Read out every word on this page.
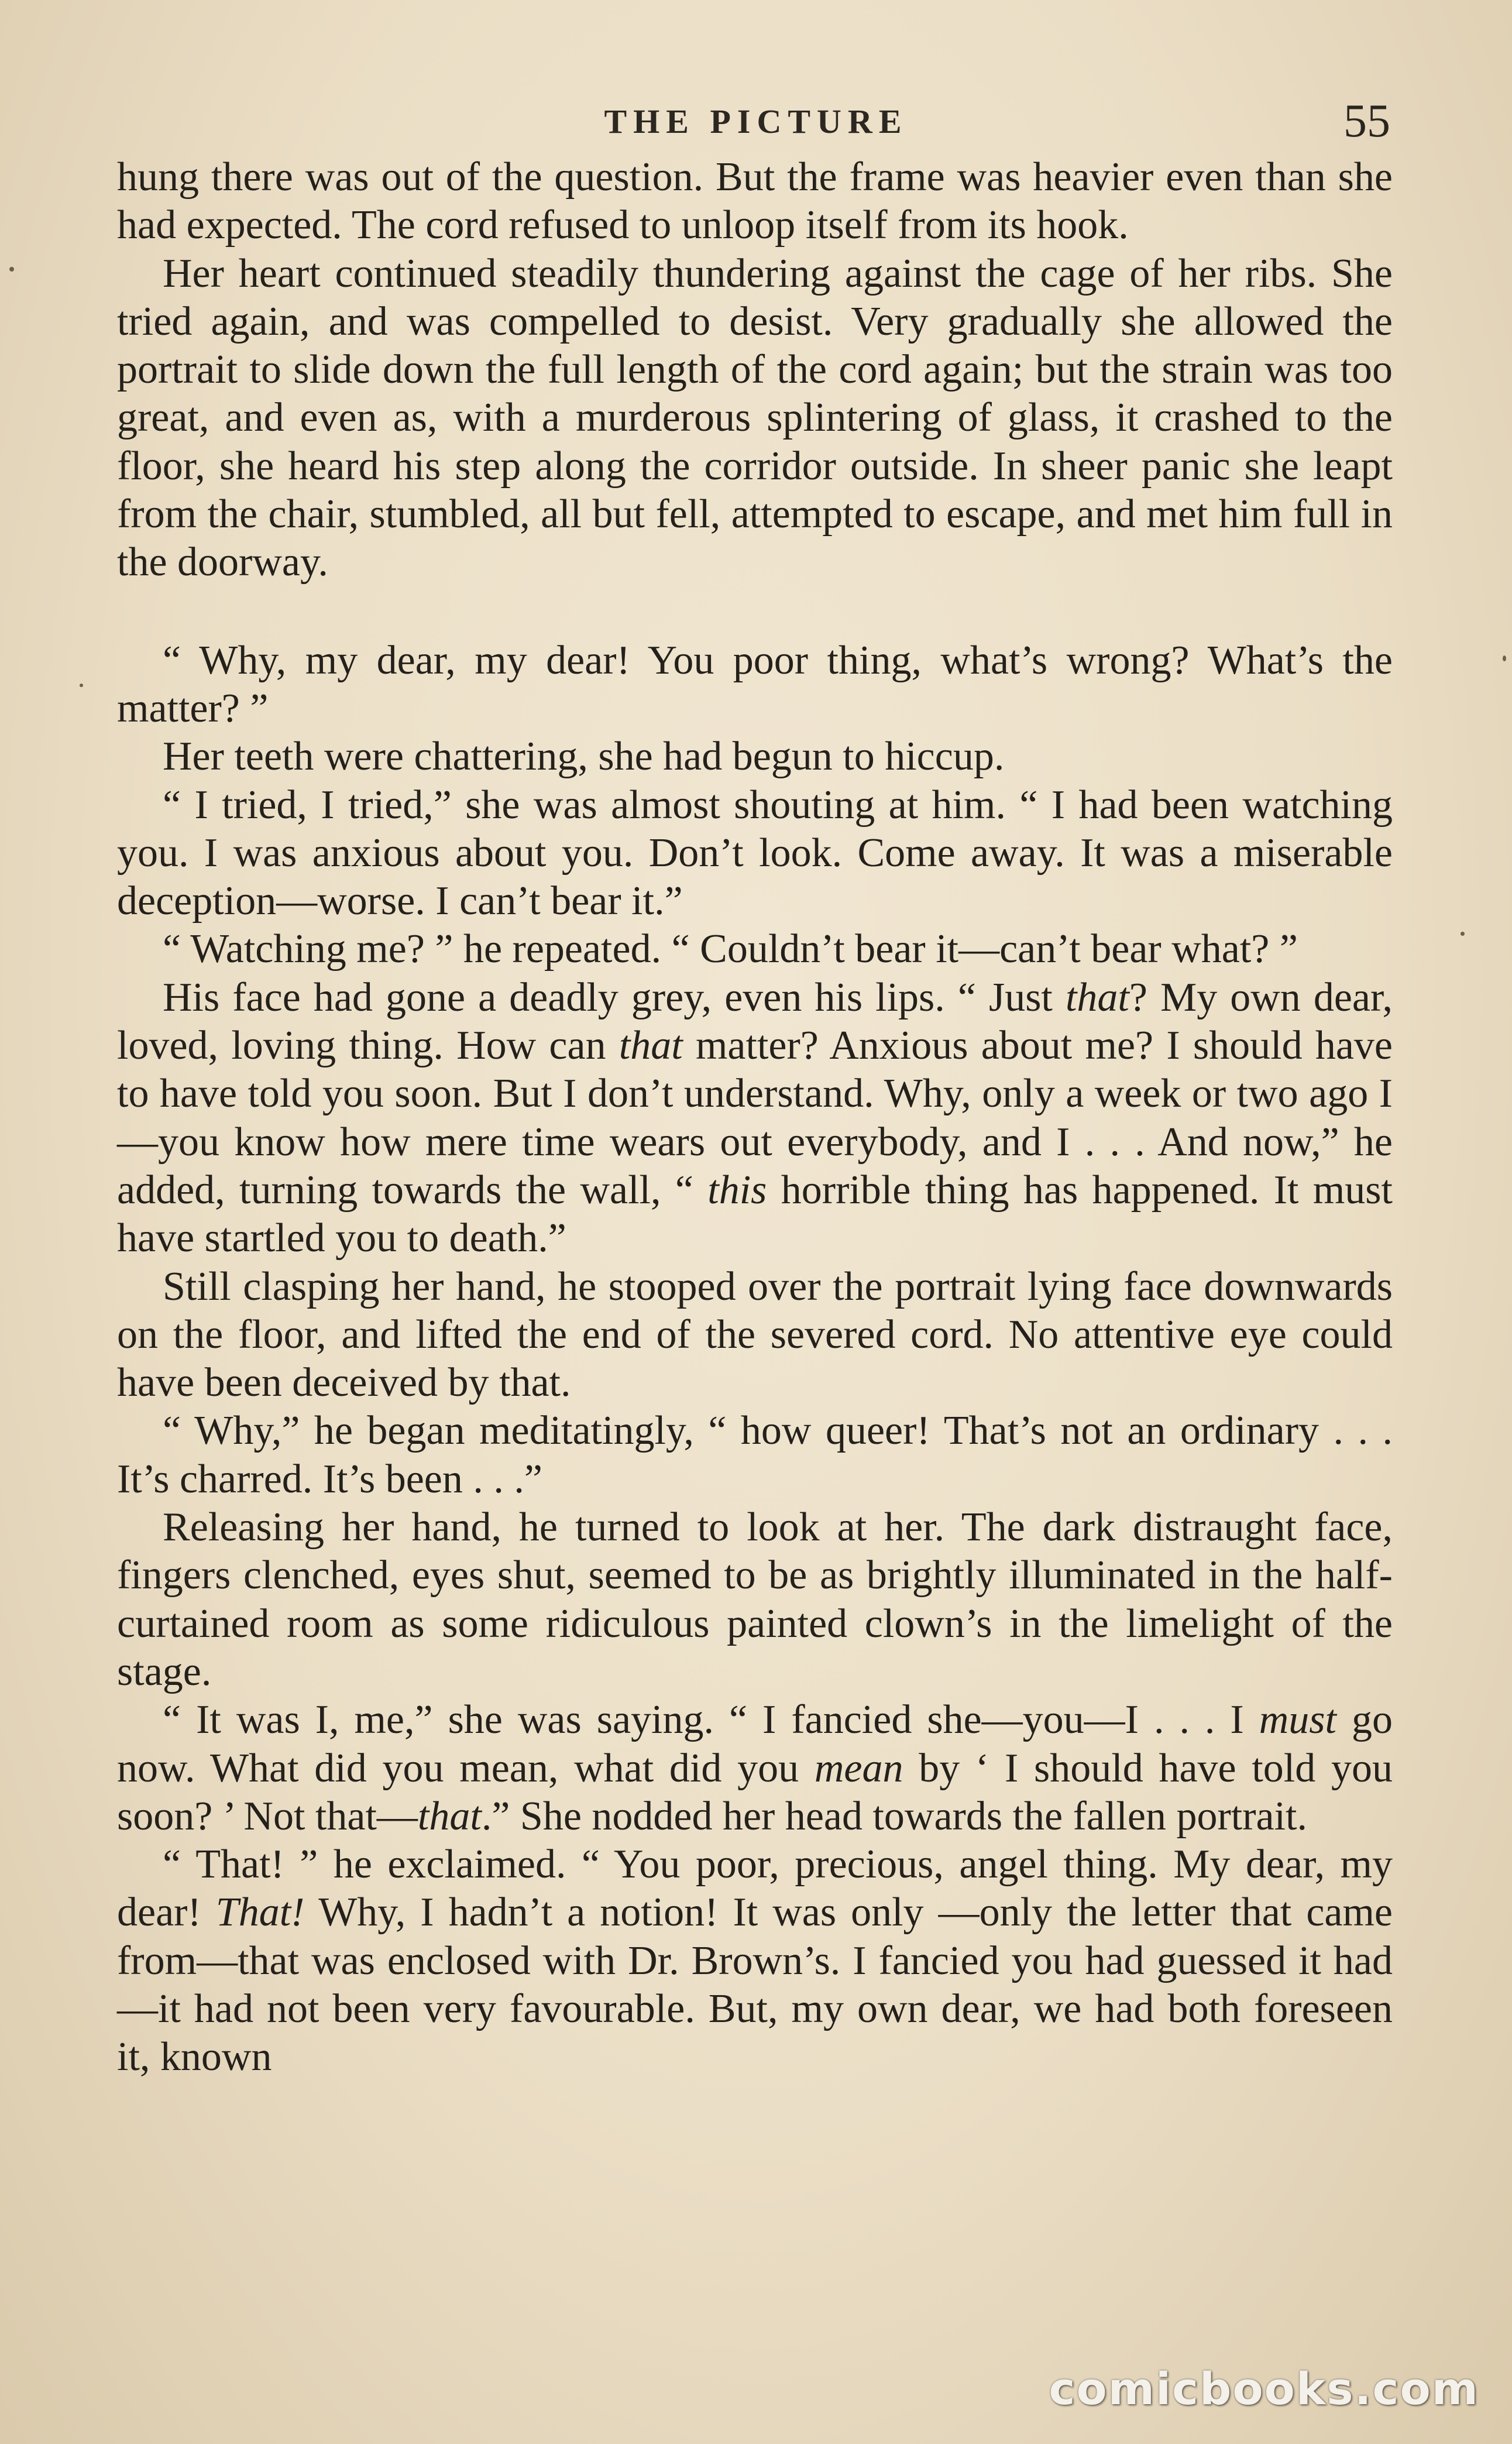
THE PICTURE	55

hung there was out of the question. But the frame was heavier even than she had expected. The cord refused to unloop itself from its hook.

Her heart continued steadily thundering against the cage of her ribs. She tried again, and was compelled to desist. Very gradually she allowed the portrait to slide down the full length of the cord again; but the strain was too great, and even as, with a murderous splintering of glass, it crashed to the floor, she heard his step along the corridor outside. In sheer panic she leapt from the chair, stumbled, all but fell, attempted to escape, and met him full in the doorway.

“ Why, my dear, my dear! You poor thing, what’s wrong? What’s the matter? ”

Her teeth were chattering, she had begun to hiccup.

“ I tried, I tried,” she was almost shouting at him. “ I had been watching you. I was anxious about you. Don’t look. Come away. It was a miserable deception—worse. I can’t bear it.”

“ Watching me? ” he repeated. “ Couldn’t bear it—can’t bear what? ”

His face had gone a deadly grey, even his lips. “ Just that? My own dear, loved, loving thing. How can that matter? Anxious about me? I should have to have told you soon. But I don’t understand. Why, only a week or two ago I—you know how mere time wears out everybody, and I . . . And now,” he added, turning towards the wall, “ this horrible thing has happened. It must have startled you to death.”

Still clasping her hand, he stooped over the portrait lying face downwards on the floor, and lifted the end of the severed cord. No attentive eye could have been deceived by that.

“ Why,” he began meditatingly, “ how queer! That’s not an ordinary . . . It’s charred. It’s been . . .”

Releasing her hand, he turned to look at her. The dark distraught face, fingers clenched, eyes shut, seemed to be as brightly illuminated in the half-curtained room as some ridiculous painted clown’s in the limelight of the stage.

“ It was I, me,” she was saying. “ I fancied she—you—I . . . I must go now. What did you mean, what did you mean by ‘ I should have told you soon? ’ Not that—that.” She nodded her head towards the fallen portrait.

“ That! ” he exclaimed. “ You poor, precious, angel thing. My dear, my dear! That! Why, I hadn’t a notion! It was only —only the letter that came from—that was enclosed with Dr. Brown’s. I fancied you had guessed it had—it had not been very favourable. But, my own dear, we had both foreseen it, known

comicbooks.com
